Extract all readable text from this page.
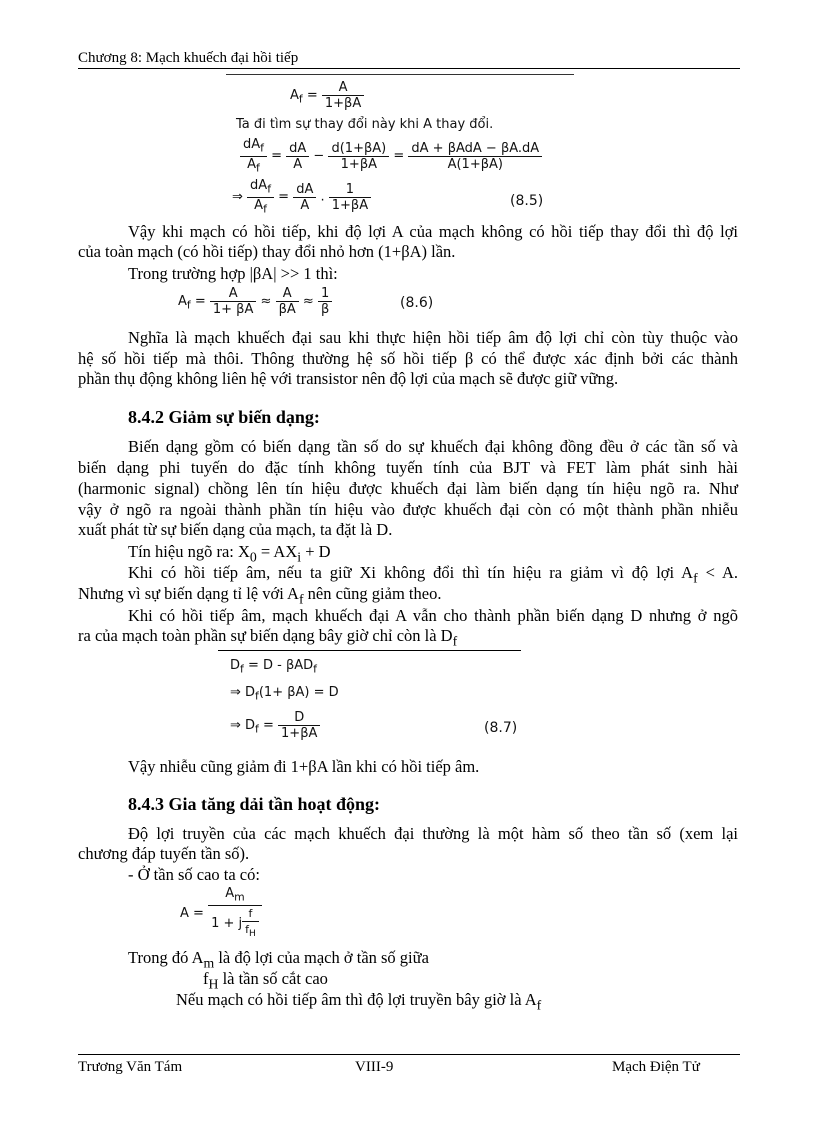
Chương 8: Mạch khuếch đại hồi tiếp
$A_f = \frac{A}{1+\beta A}$
Ta đi tìm sự thay đổi này khi A thay đổi.
$\frac{dA_f}{A_f} = \frac{dA}{A} - \frac{d(1+\beta A)}{1+\beta A} = \frac{\text{dA + βAdA − βA.dA}}{A(1+\beta A)}$
⇒ $\frac{dA_f}{A_f} = \frac{dA}{A}$ . $\frac{1}{1+\beta A}$	(8.5)
Vậy khi mạch có hồi tiếp, khi độ lợi A của mạch không có hồi tiếp thay đổi thì độ lợi
của toàn mạch (có hồi tiếp) thay đổi nhỏ hơn (1+βA) lần.
Trong trường hợp |βA| >> 1 thì:
$A_f = \frac{A}{1+ \beta A} \approx \frac{A}{\beta A} \approx \frac{1}{\beta}$	(8.6)
Nghĩa là mạch khuếch đại sau khi thực hiện hồi tiếp âm độ lợi chỉ còn tùy thuộc vào
hệ số hồi tiếp mà thôi. Thông thường hệ số hồi tiếp β có thể được xác định bởi các thành
phần thụ động không liên hệ với transistor nên độ lợi của mạch sẽ được giữ vững.
8.4.2 Giảm sự biến dạng:
Biến dạng gồm có biến dạng tần số do sự khuếch đại không đồng đều ở các tần số và
biến dạng phi tuyến do đặc tính không tuyến tính của BJT và FET làm phát sinh hài
(harmonic signal) chồng lên tín hiệu được khuếch đại làm biến dạng tín hiệu ngõ ra. Như
vậy ở ngõ ra ngoài thành phần tín hiệu vào được khuếch đại còn có một thành phần nhiễu
xuất phát từ sự biến dạng của mạch, ta đặt là D.
Tín hiệu ngõ ra: $X_0 = AX_i + D$
Khi có hồi tiếp âm, nếu ta giữ Xi không đổi thì tín hiệu ra giảm vì độ lợi $A_f < A$.
Nhưng vì sự biến dạng tỉ lệ với $A_f$ nên cũng giảm theo.
Khi có hồi tiếp âm, mạch khuếch đại A vẫn cho thành phần biến dạng D nhưng ở ngõ
ra của mạch toàn phần sự biến dạng bây giờ chỉ còn là $D_f$
$D_f = D - \beta AD_f$
⇒ $D_f(1+ \beta A) = D$
⇒ $D_f = \frac{D}{1+\beta A}$	(8.7)
Vậy nhiễu cũng giảm đi 1+βA lần khi có hồi tiếp âm.
8.4.3 Gia tăng dải tần hoạt động:
Độ lợi truyền của các mạch khuếch đại thường là một hàm số theo tần số (xem lại
chương đáp tuyến tần số).
- Ở tần số cao ta có:
$A = \frac{A_m}{1 + j \frac{f}{f_H}}$
Trong đó $A_m$ là độ lợi của mạch ở tần số giữa
$f_H$ là tần số cắt cao
Nếu mạch có hồi tiếp âm thì độ lợi truyền bây giờ là $A_f$
Trương Văn Tám	VIII-9	Mạch Điện Tử
